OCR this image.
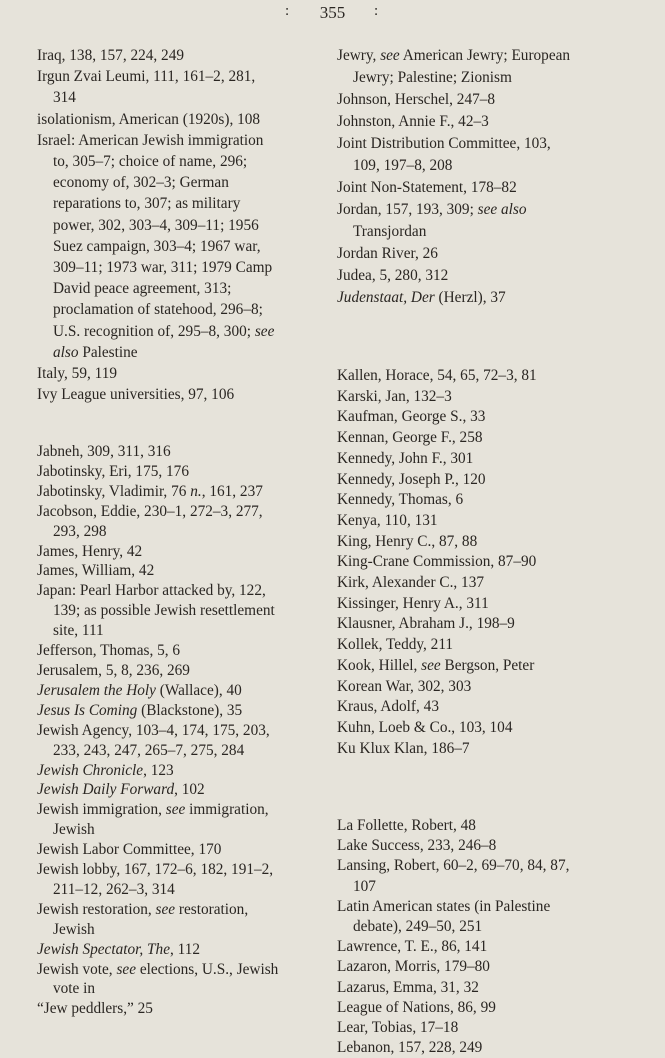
: 355 :
Iraq, 138, 157, 224, 249
Irgun Zvai Leumi, 111, 161–2, 281,
314
isolationism, American (1920s), 108
Israel: American Jewish immigration
to, 305–7; choice of name, 296;
economy of, 302–3; German
reparations to, 307; as military
power, 302, 303–4, 309–11; 1956
Suez campaign, 303–4; 1967 war,
309–11; 1973 war, 311; 1979 Camp
David peace agreement, 313;
proclamation of statehood, 296–8;
U.S. recognition of, 295–8, 300; see
also Palestine
Italy, 59, 119
Ivy League universities, 97, 106
Jabneh, 309, 311, 316
Jabotinsky, Eri, 175, 176
Jabotinsky, Vladimir, 76 n., 161, 237
Jacobson, Eddie, 230–1, 272–3, 277,
293, 298
James, Henry, 42
James, William, 42
Japan: Pearl Harbor attacked by, 122,
139; as possible Jewish resettlement
site, 111
Jefferson, Thomas, 5, 6
Jerusalem, 5, 8, 236, 269
Jerusalem the Holy (Wallace), 40
Jesus Is Coming (Blackstone), 35
Jewish Agency, 103–4, 174, 175, 203,
233, 243, 247, 265–7, 275, 284
Jewish Chronicle, 123
Jewish Daily Forward, 102
Jewish immigration, see immigration,
Jewish
Jewish Labor Committee, 170
Jewish lobby, 167, 172–6, 182, 191–2,
211–12, 262–3, 314
Jewish restoration, see restoration,
Jewish
Jewish Spectator, The, 112
Jewish vote, see elections, U.S., Jewish
vote in
“Jew peddlers,” 25
Jewry, see American Jewry; European
Jewry; Palestine; Zionism
Johnson, Herschel, 247–8
Johnston, Annie F., 42–3
Joint Distribution Committee, 103,
109, 197–8, 208
Joint Non-Statement, 178–82
Jordan, 157, 193, 309; see also
Transjordan
Jordan River, 26
Judea, 5, 280, 312
Judenstaat, Der (Herzl), 37
Kallen, Horace, 54, 65, 72–3, 81
Karski, Jan, 132–3
Kaufman, George S., 33
Kennan, George F., 258
Kennedy, John F., 301
Kennedy, Joseph P., 120
Kennedy, Thomas, 6
Kenya, 110, 131
King, Henry C., 87, 88
King-Crane Commission, 87–90
Kirk, Alexander C., 137
Kissinger, Henry A., 311
Klausner, Abraham J., 198–9
Kollek, Teddy, 211
Kook, Hillel, see Bergson, Peter
Korean War, 302, 303
Kraus, Adolf, 43
Kuhn, Loeb & Co., 103, 104
Ku Klux Klan, 186–7
La Follette, Robert, 48
Lake Success, 233, 246–8
Lansing, Robert, 60–2, 69–70, 84, 87,
107
Latin American states (in Palestine
debate), 249–50, 251
Lawrence, T. E., 86, 141
Lazaron, Morris, 179–80
Lazarus, Emma, 31, 32
League of Nations, 86, 99
Lear, Tobias, 17–18
Lebanon, 157, 228, 249
